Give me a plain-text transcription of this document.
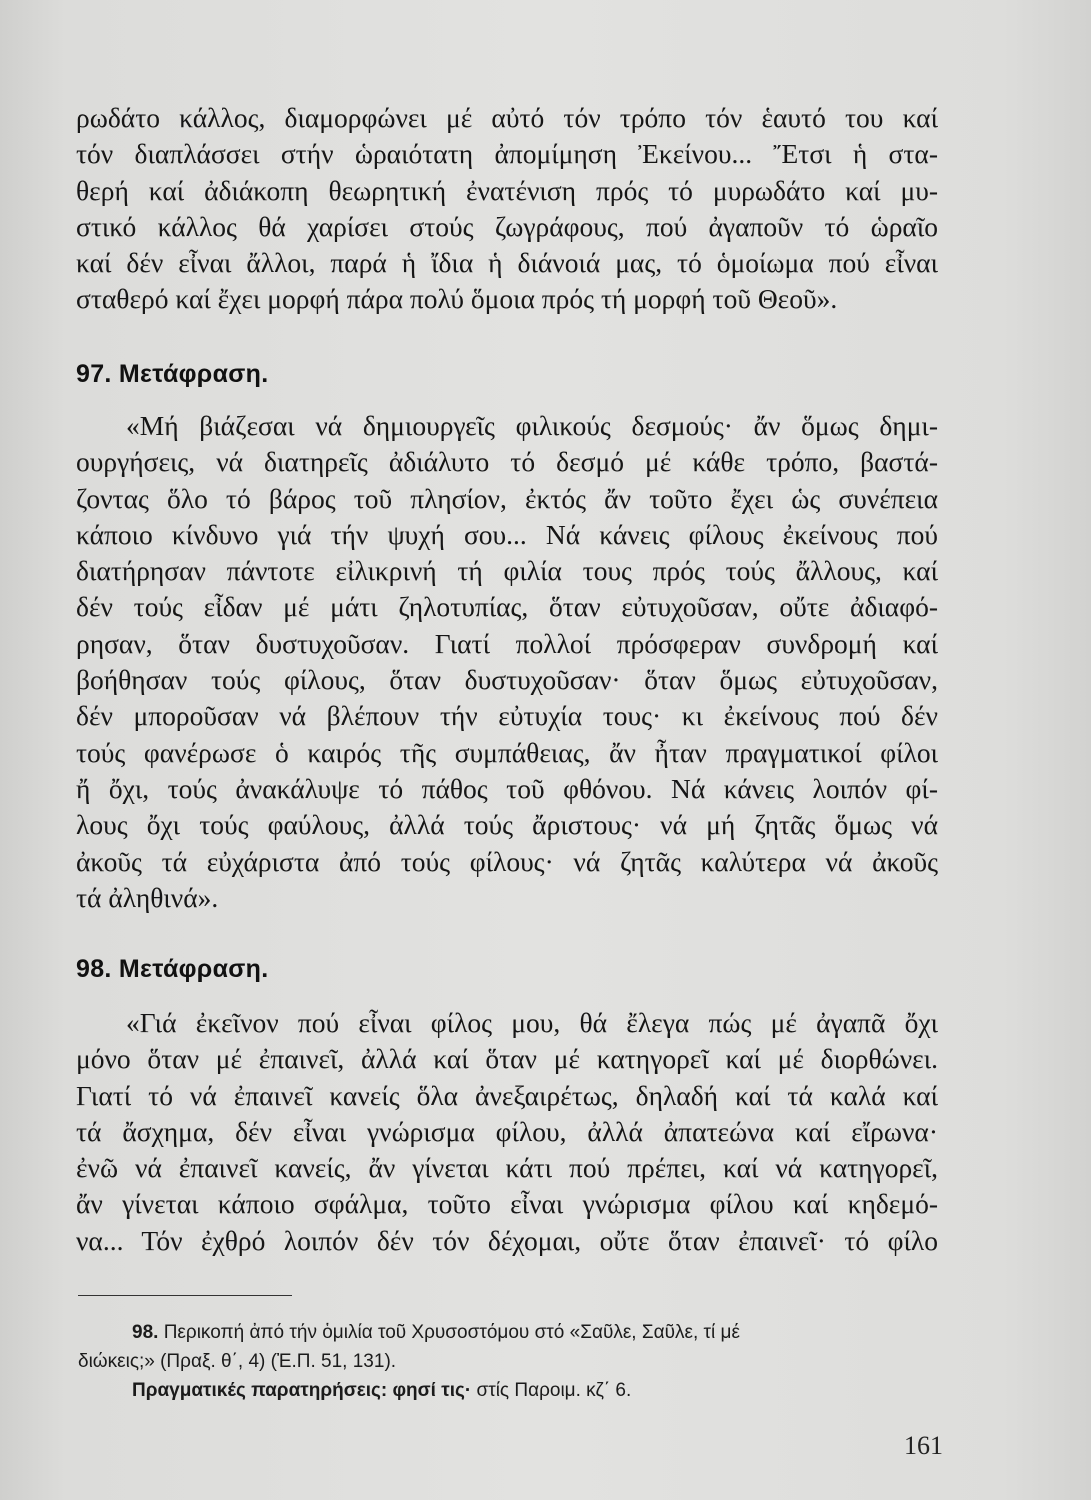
ρωδάτο κάλλος, διαμορφώνει μέ αὐτό τόν τρόπο τόν ἑαυτό του καί
τόν διαπλάσσει στήν ὡραιότατη ἀπομίμηση Ἐκείνου... Ἔτσι ἡ στα-
θερή καί ἀδιάκοπη θεωρητική ἐνατένιση πρός τό μυρωδάτο καί μυ-
στικό κάλλος θά χαρίσει στούς ζωγράφους, πού ἀγαποῦν τό ὡραῖο
καί δέν εἶναι ἄλλοι, παρά ἡ ἴδια ἡ διάνοιά μας, τό ὁμοίωμα πού εἶναι
σταθερό καί ἔχει μορφή πάρα πολύ ὅμοια πρός τή μορφή τοῦ Θεοῦ».
97. Μετάφραση.
«Μή βιάζεσαι νά δημιουργεῖς φιλικούς δεσμούς· ἄν ὅμως δημι-
ουργήσεις, νά διατηρεῖς ἀδιάλυτο τό δεσμό μέ κάθε τρόπο, βαστά-
ζοντας ὅλο τό βάρος τοῦ πλησίον, ἐκτός ἄν τοῦτο ἔχει ὡς συνέπεια
κάποιο κίνδυνο γιά τήν ψυχή σου... Νά κάνεις φίλους ἐκείνους πού
διατήρησαν πάντοτε εἰλικρινή τή φιλία τους πρός τούς ἄλλους, καί
δέν τούς εἶδαν μέ μάτι ζηλοτυπίας, ὅταν εὐτυχοῦσαν, οὔτε ἀδιαφό-
ρησαν, ὅταν δυστυχοῦσαν. Γιατί πολλοί πρόσφεραν συνδρομή καί
βοήθησαν τούς φίλους, ὅταν δυστυχοῦσαν· ὅταν ὅμως εὐτυχοῦσαν,
δέν μποροῦσαν νά βλέπουν τήν εὐτυχία τους· κι ἐκείνους πού δέν
τούς φανέρωσε ὁ καιρός τῆς συμπάθειας, ἄν ἦταν πραγματικοί φίλοι
ἤ ὄχι, τούς ἀνακάλυψε τό πάθος τοῦ φθόνου. Νά κάνεις λοιπόν φί-
λους ὄχι τούς φαύλους, ἀλλά τούς ἄριστους· νά μή ζητᾶς ὅμως νά
ἀκοῦς τά εὐχάριστα ἀπό τούς φίλους· νά ζητᾶς καλύτερα νά ἀκοῦς
τά ἀληθινά».
98. Μετάφραση.
«Γιά ἐκεῖνον πού εἶναι φίλος μου, θά ἔλεγα πώς μέ ἀγαπᾶ ὄχι
μόνο ὅταν μέ ἐπαινεῖ, ἀλλά καί ὅταν μέ κατηγορεῖ καί μέ διορθώνει.
Γιατί τό νά ἐπαινεῖ κανείς ὅλα ἀνεξαιρέτως, δηλαδή καί τά καλά καί
τά ἄσχημα, δέν εἶναι γνώρισμα φίλου, ἀλλά ἀπατεώνα καί εἴρωνα·
ἐνῶ νά ἐπαινεῖ κανείς, ἄν γίνεται κάτι πού πρέπει, καί νά κατηγορεῖ,
ἄν γίνεται κάποιο σφάλμα, τοῦτο εἶναι γνώρισμα φίλου καί κηδεμό-
να... Τόν ἐχθρό λοιπόν δέν τόν δέχομαι, οὔτε ὅταν ἐπαινεῖ· τό φίλο
98. Περικοπή ἀπό τήν ὁμιλία τοῦ Χρυσοστόμου στό «Σαῦλε, Σαῦλε, τί μέ
διώκεις;» (Πραξ. θ΄, 4) (Ἐ.Π. 51, 131).
Πραγματικές παρατηρήσεις: φησί τις· στίς Παροιμ. κζ΄ 6.
161
